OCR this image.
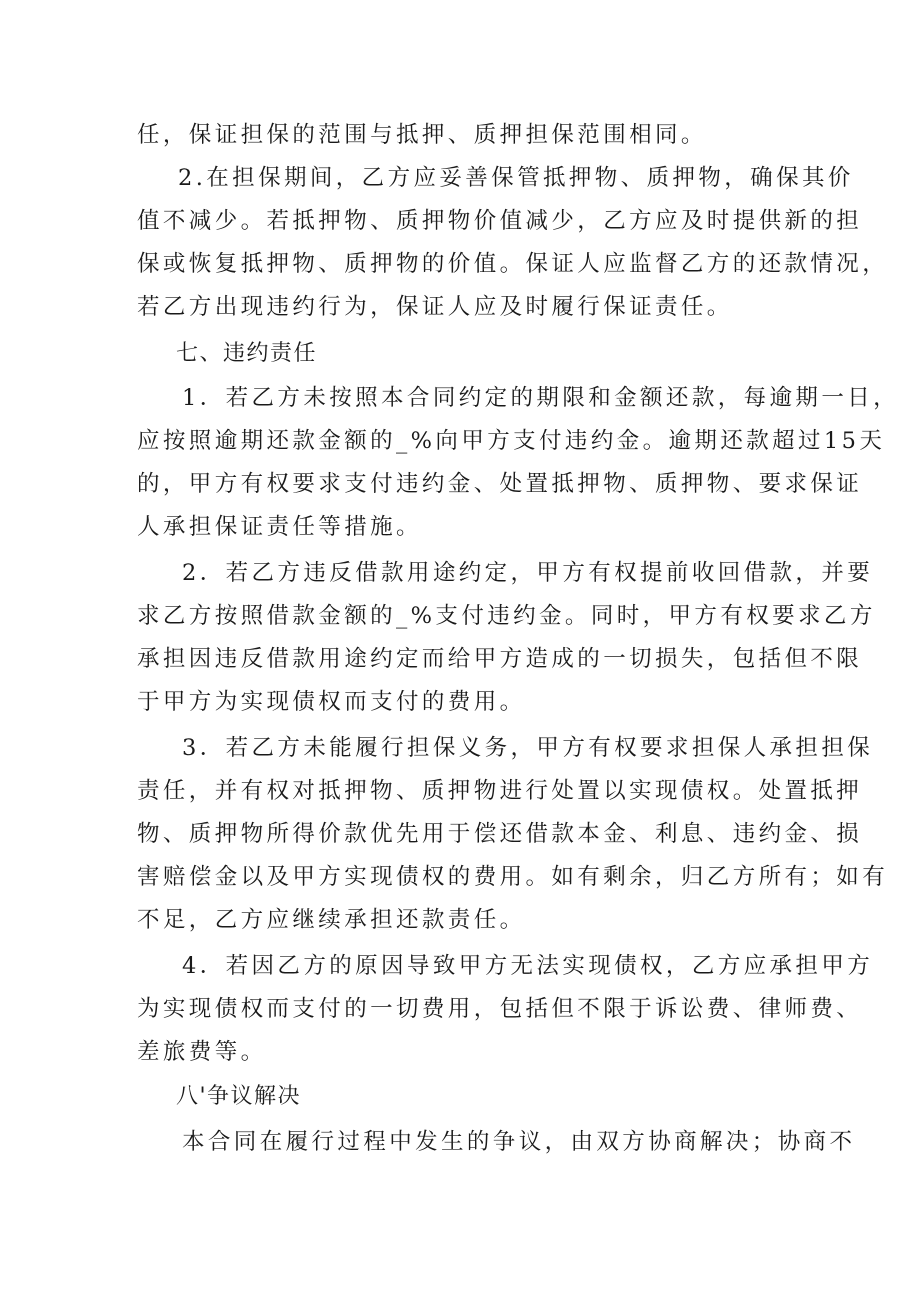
任，保证担保的范围与抵押、质押担保范围相同。
2.在担保期间，乙方应妥善保管抵押物、质押物，确保其价
值不减少。若抵押物、质押物价值减少，乙方应及时提供新的担
保或恢复抵押物、质押物的价值。保证人应监督乙方的还款情况，
若乙方出现违约行为，保证人应及时履行保证责任。
七、违约责任
1．若乙方未按照本合同约定的期限和金额还款，每逾期一日，
应按照逾期还款金额的_%向甲方支付违约金。逾期还款超过15天
的，甲方有权要求支付违约金、处置抵押物、质押物、要求保证
人承担保证责任等措施。
2．若乙方违反借款用途约定，甲方有权提前收回借款，并要
求乙方按照借款金额的_%支付违约金。同时，甲方有权要求乙方
承担因违反借款用途约定而给甲方造成的一切损失，包括但不限
于甲方为实现债权而支付的费用。
3．若乙方未能履行担保义务，甲方有权要求担保人承担担保
责任，并有权对抵押物、质押物进行处置以实现债权。处置抵押
物、质押物所得价款优先用于偿还借款本金、利息、违约金、损
害赔偿金以及甲方实现债权的费用。如有剩余，归乙方所有；如有
不足，乙方应继续承担还款责任。
4．若因乙方的原因导致甲方无法实现债权，乙方应承担甲方
为实现债权而支付的一切费用，包括但不限于诉讼费、律师费、
差旅费等。
八'争议解决
本合同在履行过程中发生的争议，由双方协商解决；协商不
